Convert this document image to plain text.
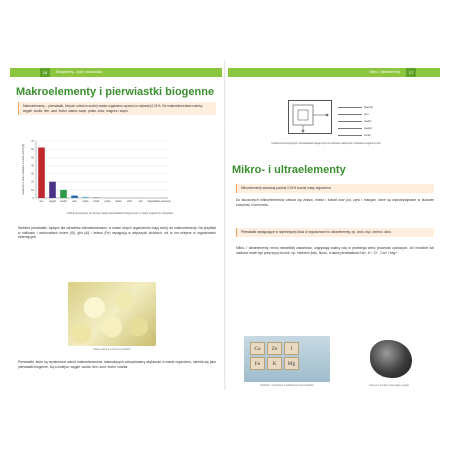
16	Ekosystemy – życie i środowisko
Makroelementy i pierwiastki biogenne
Makroelementy – pierwiastki, których udział w suchej masie organizmu wynosi co najmniej 0,01%. Do makroelementów należą: węgiel, wodór, tlen, azot, fosfor, siarka, wapń, potas, chlor, magnez i wapń.
0
10
20
30
40
50
60
70
zawartość w ciele człowieka w masie suchej [%]
tlen węgiel wodór azot wapń fosfor potas	siarka chlor	sód magnez
mikro-elementy
Udział procentowy (w suchej masie) pierwiastków biogennych w masie organizmu człowieka
Niektóre pierwiastki, będące dla człowieka mikroelementami, w masie innych organizmów mają mniej niż makroelementy. Na przykład w roślinach i wodorostach krzem (Si), glin (Al) i żelazo (Fe) występują w większych ilościach, niż to ma miejsce w organizmach zwierzęcych.
Siarka rodzima w formie kryształów
Pierwiastki, które są wymienione wśród makroelementów, stanowiących zdecydowaną większość w masie organizmu, określa się jako pierwiastki biogenne. Są to kolejno: węgiel, wodór, tlen, azot, fosfor i siarka.
Mikro- i ultraelementy	17
ligandy
tlen
wodór
węgiel
fosfor
Udział poszczególnych pierwiastków biogennych w budowie niektórych związków organicznych
Mikro- i ultraelementy
Mikroelementy stanowią poniżej 0,01% suchej masy organizmu.
Do kluczowych mikroelementów zalicza się żelazo, miedź i kobalt oraz jod, cynk i mangan, które są wykorzystywane w budowie enzymów i hormonów.
Pierwiastki występujące w najmniejszej ilości w organizmach to ultraelementy, np. złoto, rtęć, srebro i ołów.
Mikro- i ultraelementy, mimo niewielkiej zawartości, odgrywają ważną rolę w przebiegu wielu procesów życiowych. Ich niedobór lub nadmiar może być przyczyną chorób, np. niedobór jodu, fluoru, a także pierwiastków Na⁺, K⁺, Cl⁻, Ca²⁺ i Mg²⁺.
Ca	Zn	I
Fe	K	Mg
Tabliczki z symbolami przykładowych pierwiastków	Kamień mineralny zawierający węgiel
